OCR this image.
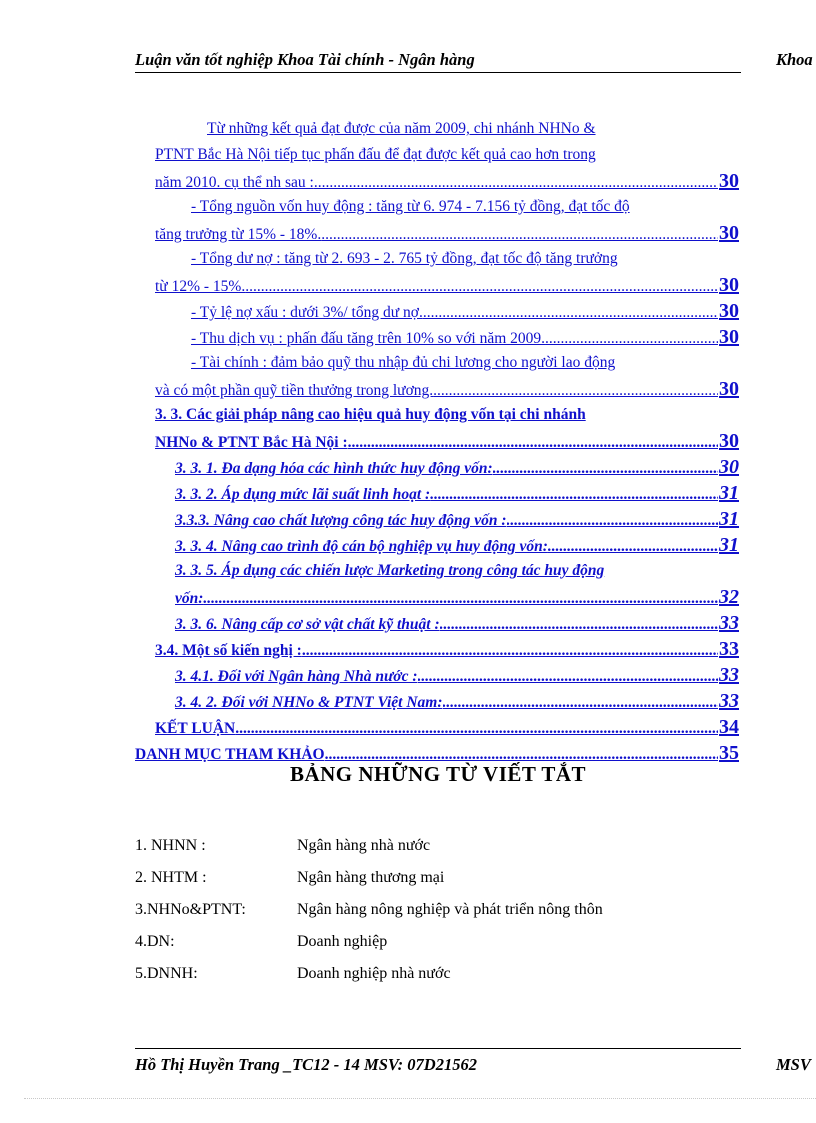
Luận văn tốt nghiệp Khoa Tài chính - Ngân hàng	Khoa
Từ những kết quả đạt được của năm 2009, chi nhánh NHNo &
PTNT Bắc Hà Nội tiếp tục phấn đấu để đạt được kết quả cao hơn trong
năm 2010. cụ thể nh sau : .....	30
- Tổng nguồn vốn huy động : tăng từ 6. 974 - 7.156 tỷ đồng, đạt tốc độ
tăng trưởng từ 15% - 18%. .....	30
- Tổng dư nợ : tăng từ 2. 693 - 2. 765 tỷ đồng, đạt tốc độ tăng trưởng
từ 12% - 15%. .....	30
- Tỷ lệ nợ xấu : dưới 3%/ tổng dư nợ. .....	30
- Thu dịch vụ : phấn đấu tăng trên 10% so với năm 2009. .....	30
- Tài chính : đảm bảo quỹ thu nhập đủ chi lương cho người lao động
và có một phần quỹ tiền thưởng trong lương. .....	30
3. 3. Các giải pháp nâng cao hiệu quả huy động vốn tại chi nhánh
NHNo & PTNT Bắc Hà Nội : .....	30
3. 3. 1. Đa dạng hóa các hình thức huy động vốn: .....	30
3. 3. 2. Áp dụng mức lãi suất linh hoạt : .....	31
3.3.3. Nâng cao chất lượng công tác huy động vốn : .....	31
3. 3. 4. Nâng cao trình độ cán bộ nghiệp vụ huy động vốn: .....	31
3. 3. 5. Áp dụng các chiến lược Marketing trong công tác huy động
vốn: .....	32
3. 3. 6. Nâng cấp cơ sở vật chất kỹ thuật : .....	33
3.4. Một số kiến nghị : .....	33
3. 4.1. Đối với Ngân hàng Nhà nước : .....	33
3. 4. 2. Đối với NHNo & PTNT Việt Nam: .....	33
KẾT LUẬN .....	34
DANH MỤC THAM KHẢO .....	35
BẢNG NHỮNG TỪ VIẾT TẮT
1. NHNN :	Ngân hàng nhà nước
2. NHTM :	Ngân hàng thương mại
3.NHNo&PTNT:	Ngân hàng nông nghiệp và phát triển nông thôn
4.DN:	Doanh nghiệp
5.DNNH:	Doanh nghiệp nhà nước
Hồ Thị Huyền Trang _TC12 - 14 MSV: 07D21562	MSV
